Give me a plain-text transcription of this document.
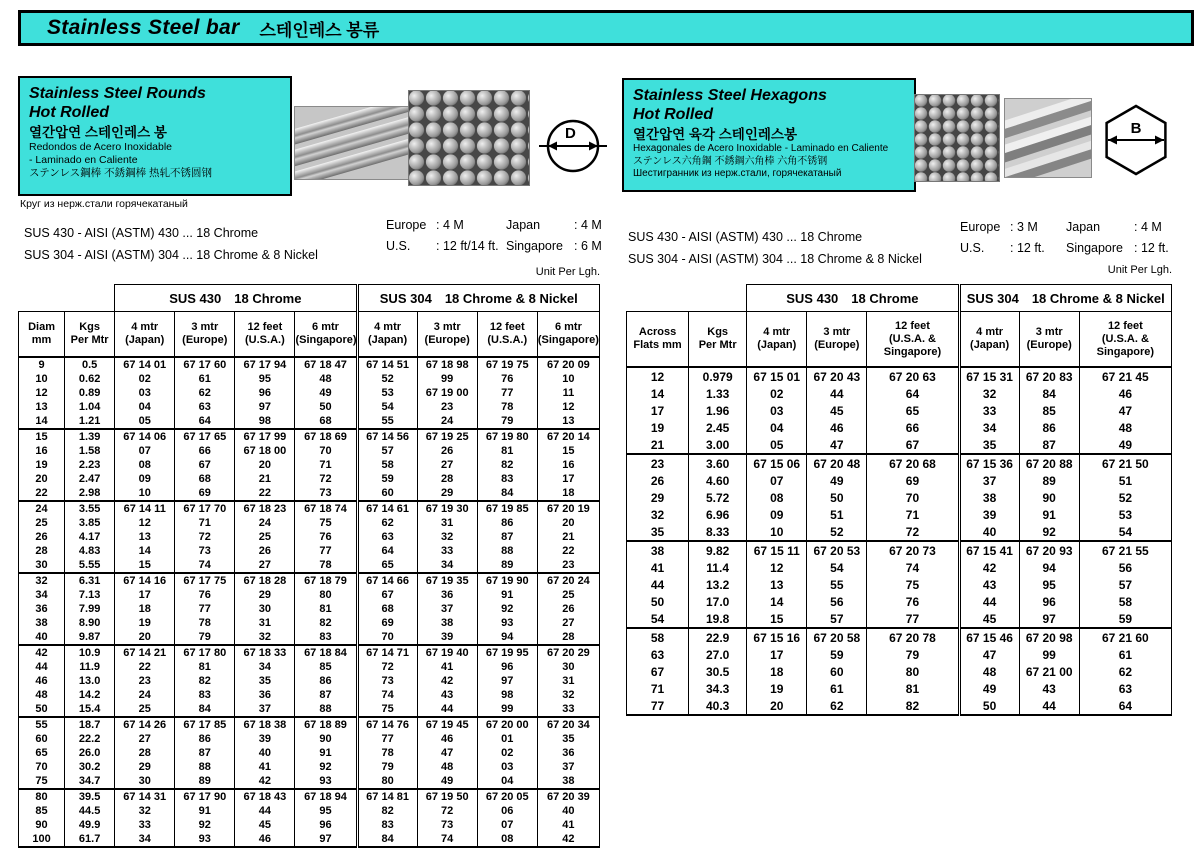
Stainless Steel bar 스테인레스 봉류
Stainless Steel Rounds
Hot Rolled
열간압연 스테인레스 봉
Redondos de Acero Inoxidable
- Laminado en Caliente
ステンレス鋼棒 不銹鋼棒 热轧不锈圆钢
Круг из нерж.стали горячекатаный
D
Stainless Steel Hexagons
Hot Rolled
열간압연 육각 스테인레스봉
Hexagonales de Acero Inoxidable - Laminado en Caliente
ステンレス六角鋼 不銹鋼六角棒 六角不锈钢
Шестигранник из нерж.стали, горячекатаный
B
SUS 430 - AISI (ASTM) 430 ... 18 Chrome
SUS 304 - AISI (ASTM) 304 ... 18 Chrome & 8 Nickel
Europe : 4 M
U.S.	: 12 ft/14 ft.
Japan	: 4 M
Singapore : 6 M
Unit Per Lgh.
SUS 430 - AISI (ASTM) 430 ... 18 Chrome
SUS 304 - AISI (ASTM) 304 ... 18 Chrome & 8 Nickel
Europe : 3 M
U.S.	: 12 ft.
Japan	: 4 M
Singapore : 12 ft.
Unit Per Lgh.
		SUS 430 18 Chrome				SUS 304 18 Chrome & 8 Nickel			

Diam
mm

Kgs
Per Mtr

4 mtr
(Japan)

3 mtr
(Europe)

12 feet
(U.S.A.)

6 mtr
(Singapore)

4 mtr
(Japan)

3 mtr
(Europe)

12 feet
(U.S.A.)

6 mtr
(Singapore)

9	0.5	67 14 01	67 17 60	67 17 94	67 18 47	67 14 51	67 18 98	67 19 75	67 20 09
10	0.62	02	61	95	48	52	99	76	10
12	0.89	03	62	96	49	53	67 19 00	77	11
13	1.04	04	63	97	50	54	23	78	12
14	1.21	05	64	98	68	55	24	79	13
15	1.39	67 14 06	67 17 65	67 17 99	67 18 69	67 14 56	67 19 25	67 19 80	67 20 14
16	1.58	07	66	67 18 00	70	57	26	81	15
19	2.23	08	67	20	71	58	27	82	16
20	2.47	09	68	21	72	59	28	83	17
22	2.98	10	69	22	73	60	29	84	18
24	3.55	67 14 11	67 17 70	67 18 23	67 18 74	67 14 61	67 19 30	67 19 85	67 20 19
25	3.85	12	71	24	75	62	31	86	20
26	4.17	13	72	25	76	63	32	87	21
28	4.83	14	73	26	77	64	33	88	22
30	5.55	15	74	27	78	65	34	89	23
32	6.31	67 14 16	67 17 75	67 18 28	67 18 79	67 14 66	67 19 35	67 19 90	67 20 24
34	7.13	17	76	29	80	67	36	91	25
36	7.99	18	77	30	81	68	37	92	26
38	8.90	19	78	31	82	69	38	93	27
40	9.87	20	79	32	83	70	39	94	28
42	10.9	67 14 21	67 17 80	67 18 33	67 18 84	67 14 71	67 19 40	67 19 95	67 20 29
44	11.9	22	81	34	85	72	41	96	30
46	13.0	23	82	35	86	73	42	97	31
48	14.2	24	83	36	87	74	43	98	32
50	15.4	25	84	37	88	75	44	99	33
55	18.7	67 14 26	67 17 85	67 18 38	67 18 89	67 14 76	67 19 45	67 20 00	67 20 34
60	22.2	27	86	39	90	77	46	01	35
65	26.0	28	87	40	91	78	47	02	36
70	30.2	29	88	41	92	79	48	03	37
75	34.7	30	89	42	93	80	49	04	38
80	39.5	67 14 31	67 17 90	67 18 43	67 18 94	67 14 81	67 19 50	67 20 05	67 20 39
85	44.5	32	91	44	95	82	72	06	40
90	49.9	33	92	45	96	83	73	07	41
100	61.7	34	93	46	97	84	74	08	42
		SUS 430 18 Chrome			SUS 304 18 Chrome & 8 Nickel		

Across
Flats mm

Kgs
Per Mtr

4 mtr
(Japan)

3 mtr
(Europe)

12 feet
(U.S.A. &
Singapore)

4 mtr
(Japan)

3 mtr
(Europe)

12 feet
(U.S.A. &
Singapore)

12	0.979	67 15 01	67 20 43	67 20 63	67 15 31	67 20 83	67 21 45
14	1.33	02	44	64	32	84	46
17	1.96	03	45	65	33	85	47
19	2.45	04	46	66	34	86	48
21	3.00	05	47	67	35	87	49
23	3.60	67 15 06	67 20 48	67 20 68	67 15 36	67 20 88	67 21 50
26	4.60	07	49	69	37	89	51
29	5.72	08	50	70	38	90	52
32	6.96	09	51	71	39	91	53
35	8.33	10	52	72	40	92	54
38	9.82	67 15 11	67 20 53	67 20 73	67 15 41	67 20 93	67 21 55
41	11.4	12	54	74	42	94	56
44	13.2	13	55	75	43	95	57
50	17.0	14	56	76	44	96	58
54	19.8	15	57	77	45	97	59
58	22.9	67 15 16	67 20 58	67 20 78	67 15 46	67 20 98	67 21 60
63	27.0	17	59	79	47	99	61
67	30.5	18	60	80	48	67 21 00	62
71	34.3	19	61	81	49	43	63
77	40.3	20	62	82	50	44	64
